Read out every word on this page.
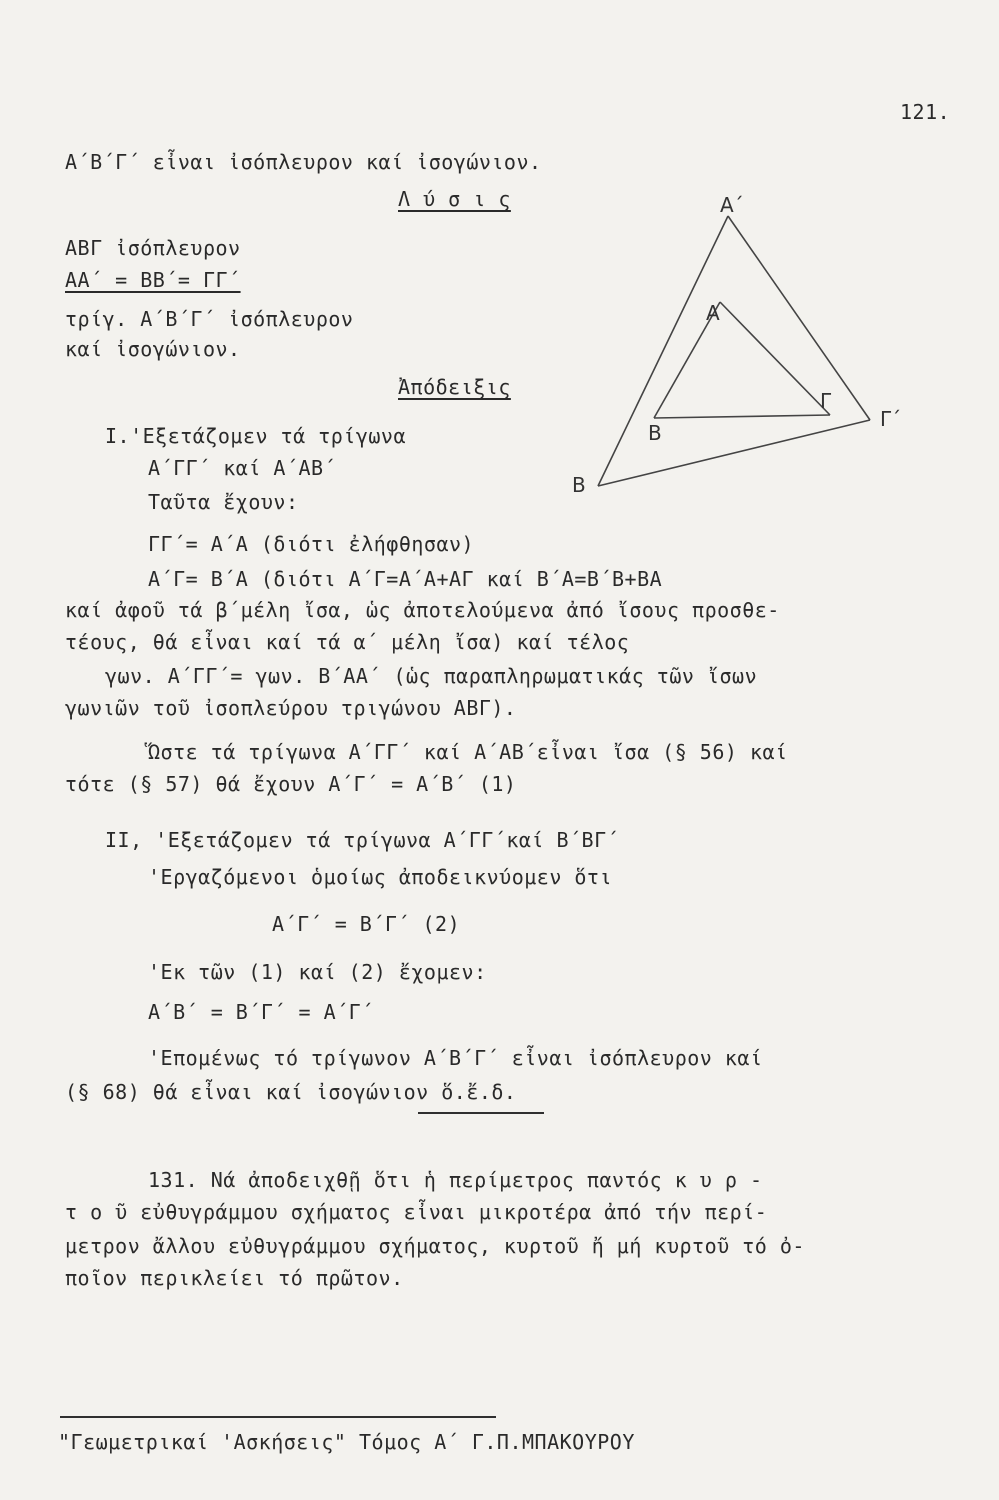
121.
Α΄Β΄Γ΄ εἶναι ἰσόπλευρον καί ἰσογώνιον.
Λ ύ σ ι ς
ΑΒΓ ἰσόπλευρον
ΑΑ΄ = ΒΒ΄= ΓΓ΄
τρίγ. Α΄Β΄Γ΄ ἰσόπλευρον
καί ἰσογώνιον.
Ἀπόδειξις
I.'Εξετάζομεν τά τρίγωνα
Α΄ΓΓ΄ καί Α΄ΑΒ΄
Ταῦτα ἔχουν:
ΓΓ΄= Α΄Α (διότι ἐλήφθησαν)
Α΄Γ= Β΄Α (διότι Α΄Γ=Α΄Α+ΑΓ καί Β΄Α=Β΄Β+ΒΑ
καί ἀφοῦ τά β΄μέλη ἴσα, ὡς ἀποτελούμενα ἀπό ἴσους προσθε-
τέους, θά εἶναι καί τά α΄ μέλη ἴσα) καί τέλος
γων. Α΄ΓΓ΄= γων. Β΄ΑΑ΄ (ὡς παραπληρωματικάς τῶν ἴσων
γωνιῶν τοῦ ἰσοπλεύρου τριγώνου ΑΒΓ).
Ὥστε τά τρίγωνα Α΄ΓΓ΄ καί Α΄ΑΒ΄εἶναι ἴσα (§ 56) καί
τότε (§ 57) θά ἔχουν Α΄Γ΄ = Α΄Β΄ (1)
II, 'Εξετάζομεν τά τρίγωνα Α΄ΓΓ΄καί Β΄ΒΓ΄
'Εργαζόμενοι ὁμοίως ἀποδεικνύομεν ὅτι
Α΄Γ΄ = Β΄Γ΄ (2)
'Εκ τῶν (1) καί (2) ἔχομεν:
Α΄Β΄ = Β΄Γ΄ = Α΄Γ΄
'Επομένως τό τρίγωνον Α΄Β΄Γ΄ εἶναι ἰσόπλευρον καί
(§ 68) θά εἶναι καί ἰσογώνιον ὅ.ἔ.δ.
131. Νά ἀποδειχθῇ ὅτι ἡ περίμετρος παντός κ υ ρ -
τ ο ῦ εὐθυγράμμου σχήματος εἶναι μικροτέρα ἀπό τήν περί-
μετρον ἄλλου εὐθυγράμμου σχήματος, κυρτοῦ ἤ μή κυρτοῦ τό ὀ-
ποῖον περικλείει τό πρῶτον.
"Γεωμετρικαί 'Ασκήσεις" Τόμος Α΄ Γ.Π.ΜΠΑΚΟΥΡΟΥ
Α΄
Α
Γ
Γ΄
Β
Β
